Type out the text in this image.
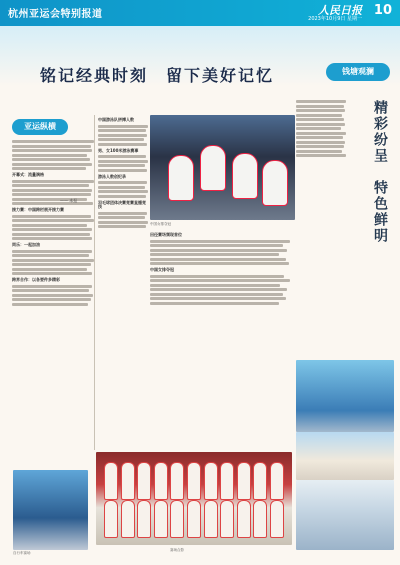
杭州亚运会特别报道	人民日报
2023年10月9日 星期一
10
铭记经典时刻　留下美好记忆
亚运纵横
钱塘观澜
精彩纷呈　特色鲜明
开幕式：流量满格
接力赛：中国跨栏展开接力赛
同乐：一起加油
跨界合作：以各要件多精彩
—— 本报
中国游泳队拼搏人数
男、女100米游泳赛事
游泳人数创纪录
羽毛球团体决赛竞赛直播竞技
中国女排夺冠
田径赛场频现首位
中国女排夺冠
赛场合影
自行车赛场
